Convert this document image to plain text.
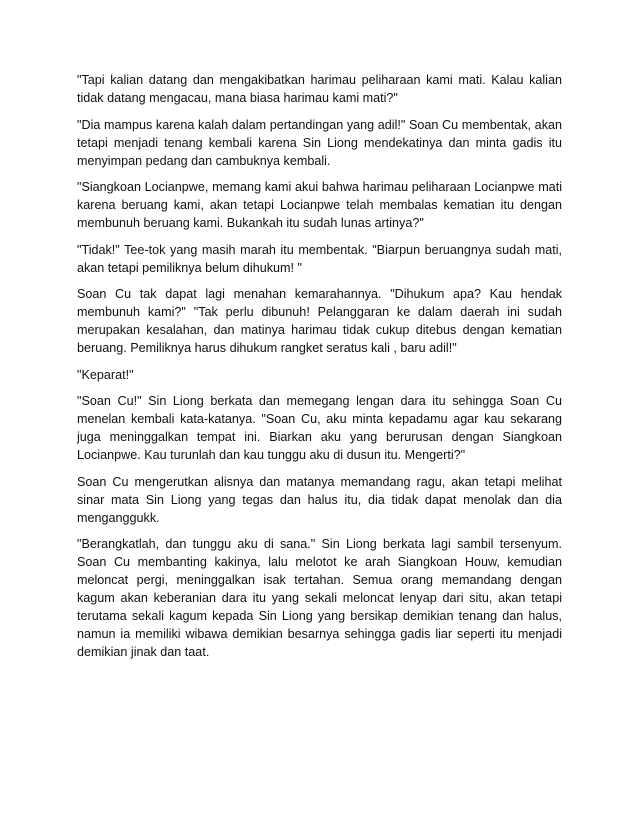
"Tapi kalian datang dan mengakibatkan harimau peliharaan kami mati. Kalau kalian tidak datang mengacau, mana biasa harimau kami mati?"

"Dia mampus karena kalah dalam pertandingan yang adil!" Soan Cu membentak, akan tetapi menjadi tenang kembali karena Sin Liong mendekatinya dan minta gadis itu menyimpan pedang dan cambuknya kembali.

"Siangkoan Locianpwe, memang kami akui bahwa harimau peliharaan Locianpwe mati karena beruang kami, akan tetapi Locianpwe telah membalas kematian itu dengan membunuh beruang kami. Bukankah itu sudah lunas artinya?"

"Tidak!" Tee-tok yang masih marah itu membentak. "Biarpun beruangnya sudah mati, akan tetapi pemiliknya belum dihukum! "

Soan Cu tak dapat lagi menahan kemarahannya. "Dihukum apa? Kau hendak membunuh kami?" "Tak perlu dibunuh! Pelanggaran ke dalam daerah ini sudah merupakan kesalahan, dan matinya harimau tidak cukup ditebus dengan kematian beruang. Pemiliknya harus dihukum rangket seratus kali , baru adil!"

"Keparat!"

"Soan Cu!" Sin Liong berkata dan memegang lengan dara itu sehingga Soan Cu menelan kembali kata-katanya. "Soan Cu, aku minta kepadamu agar kau sekarang juga meninggalkan tempat ini. Biarkan aku yang berurusan dengan Siangkoan Locianpwe. Kau turunlah dan kau tunggu aku di dusun itu. Mengerti?"

Soan Cu mengerutkan alisnya dan matanya memandang ragu, akan tetapi melihat sinar mata Sin Liong yang tegas dan halus itu, dia tidak dapat menolak dan dia menganggukk.

"Berangkatlah, dan tunggu aku di sana." Sin Liong berkata lagi sambil tersenyum. Soan Cu membanting kakinya, lalu melotot ke arah Siangkoan Houw, kemudian meloncat pergi, meninggalkan isak tertahan. Semua orang memandang dengan kagum akan keberanian dara itu yang sekali meloncat lenyap dari situ, akan tetapi terutama sekali kagum kepada Sin Liong yang bersikap demikian tenang dan halus, namun ia memiliki wibawa demikian besarnya sehingga gadis liar seperti itu menjadi demikian jinak dan taat.
